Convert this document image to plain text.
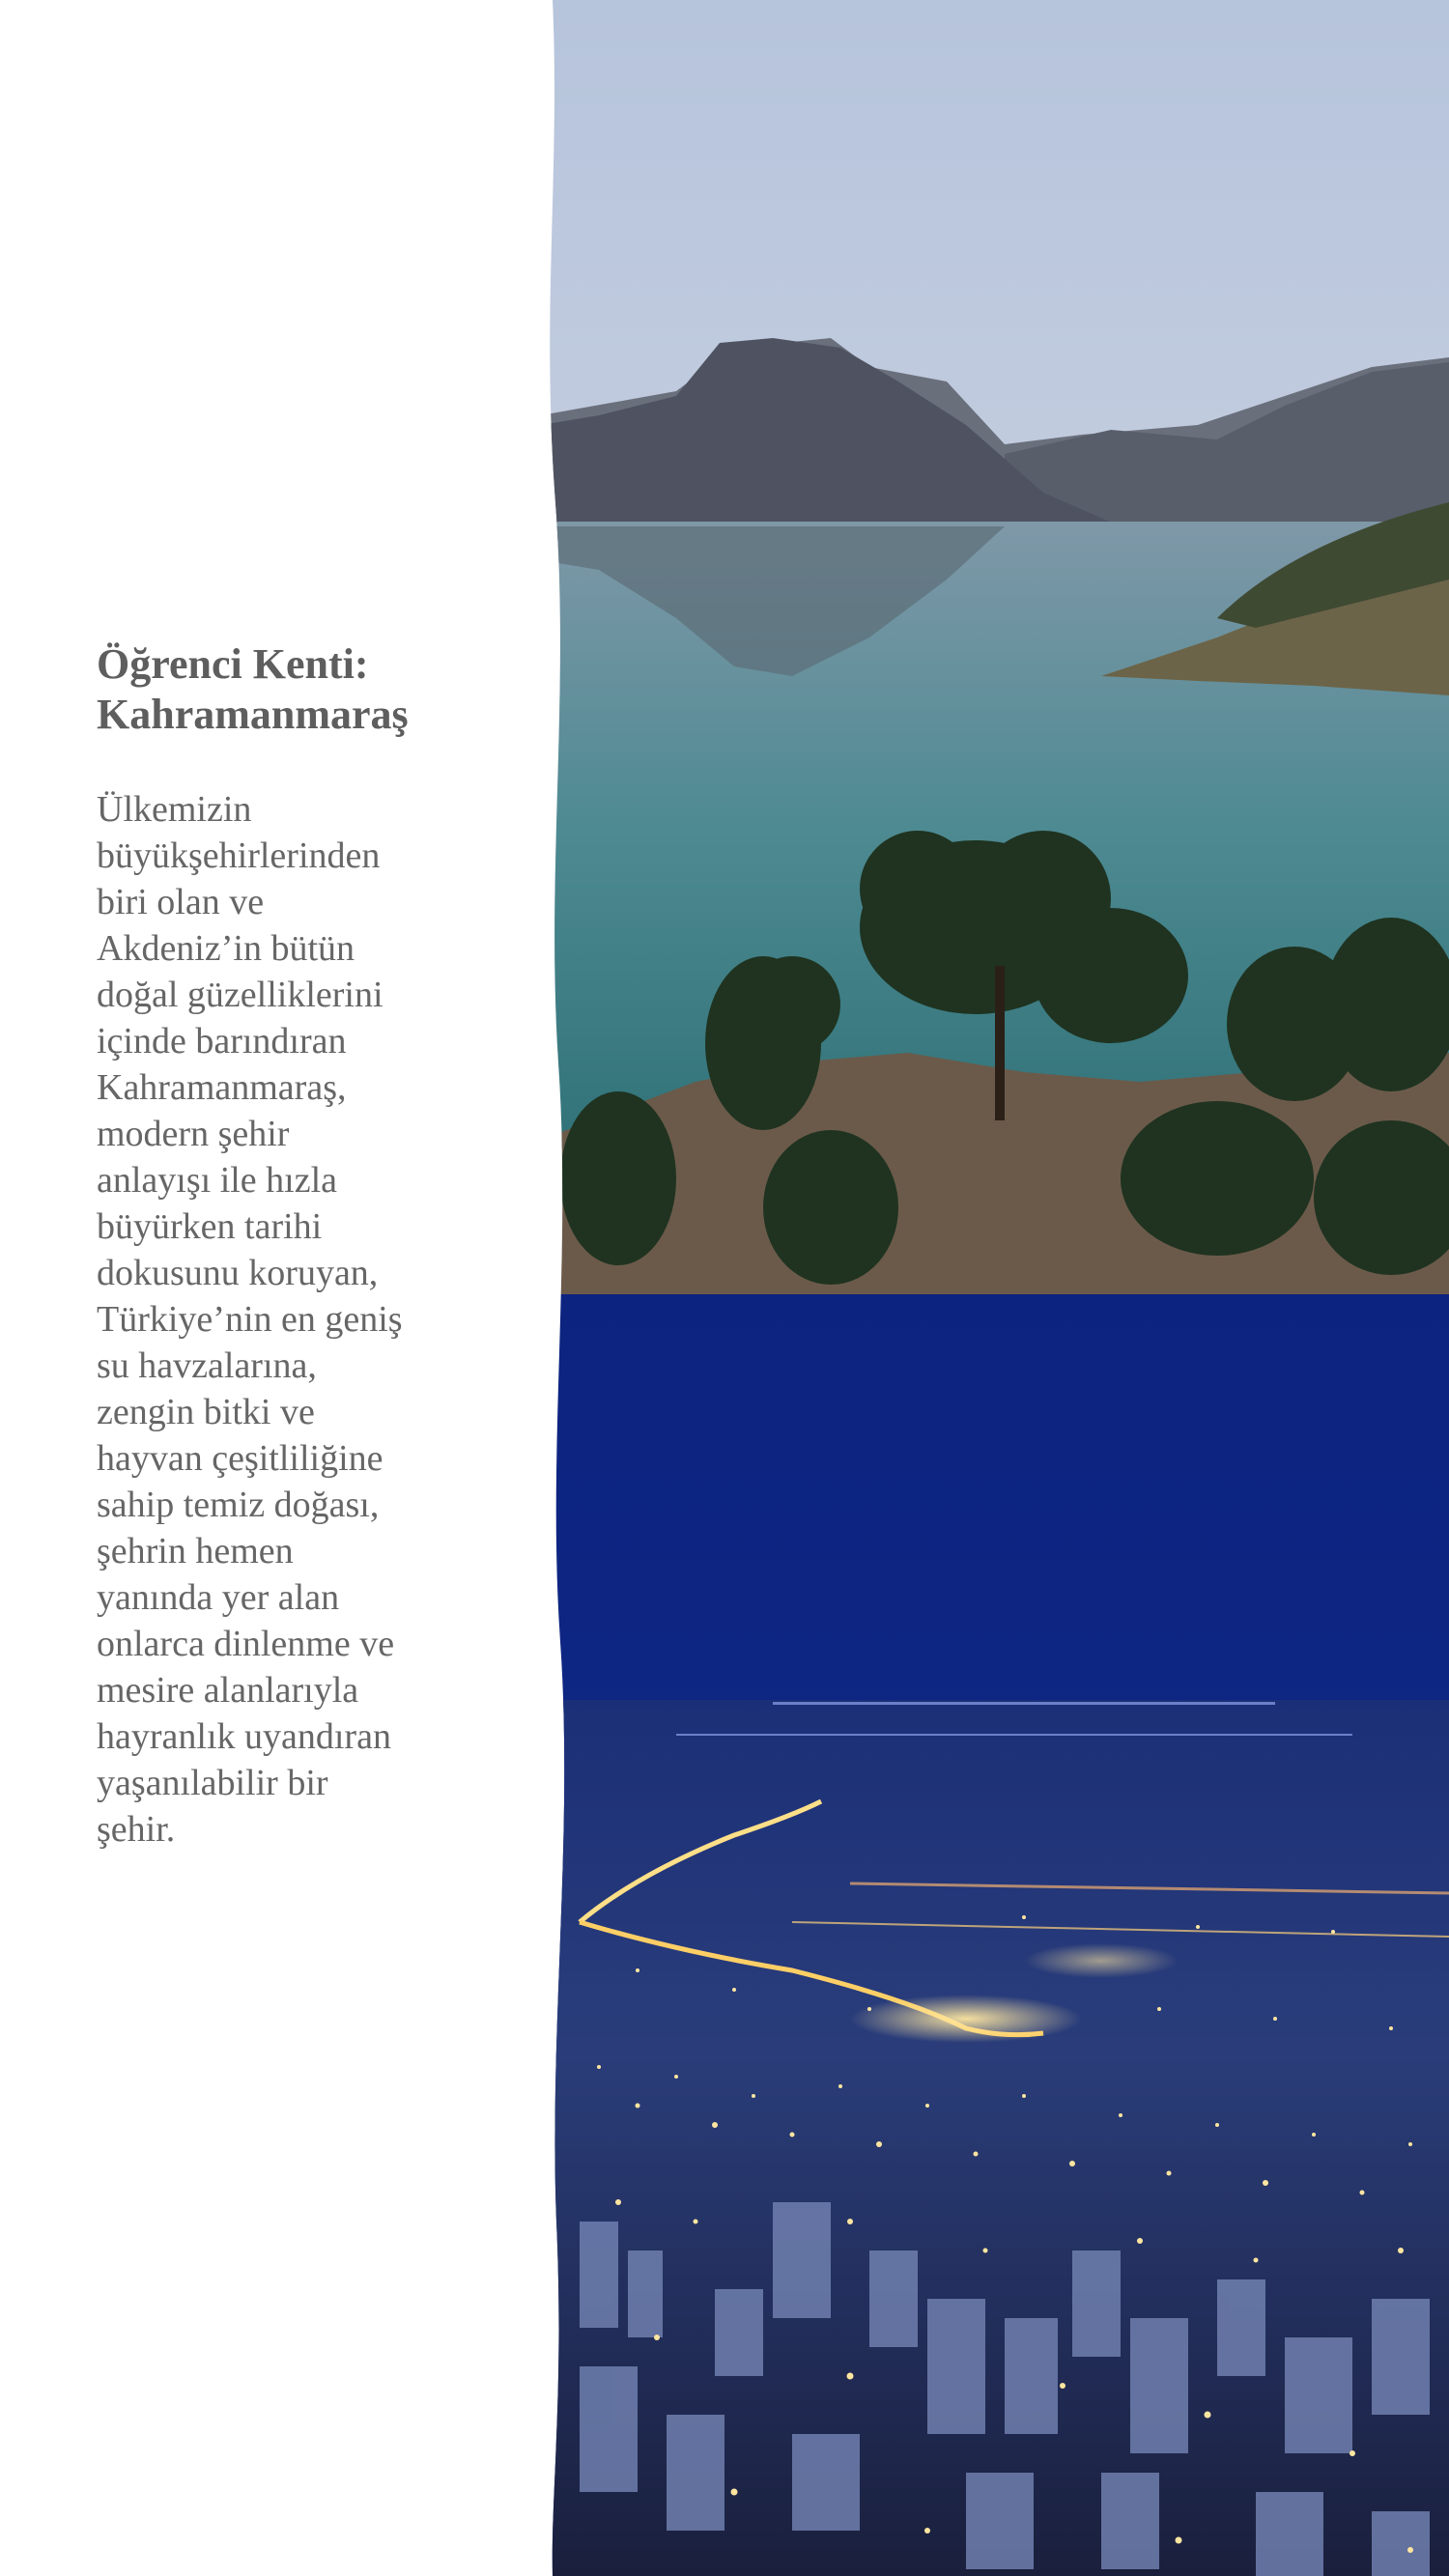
Öğrenci Kenti:
Kahramanmaraş
Ülkemizin
büyükşehirlerinden
biri olan ve
Akdeniz’in bütün
doğal güzelliklerini
içinde barındıran
Kahramanmaraş,
modern şehir
anlayışı ile hızla
büyürken tarihi
dokusunu koruyan,
Türkiye’nin en geniş
su havzalarına,
zengin bitki ve
hayvan çeşitliliğine
sahip temiz doğası,
şehrin hemen
yanında yer alan
onlarca dinlenme ve
mesire alanlarıyla
hayranlık uyandıran
yaşanılabilir bir
şehir.
